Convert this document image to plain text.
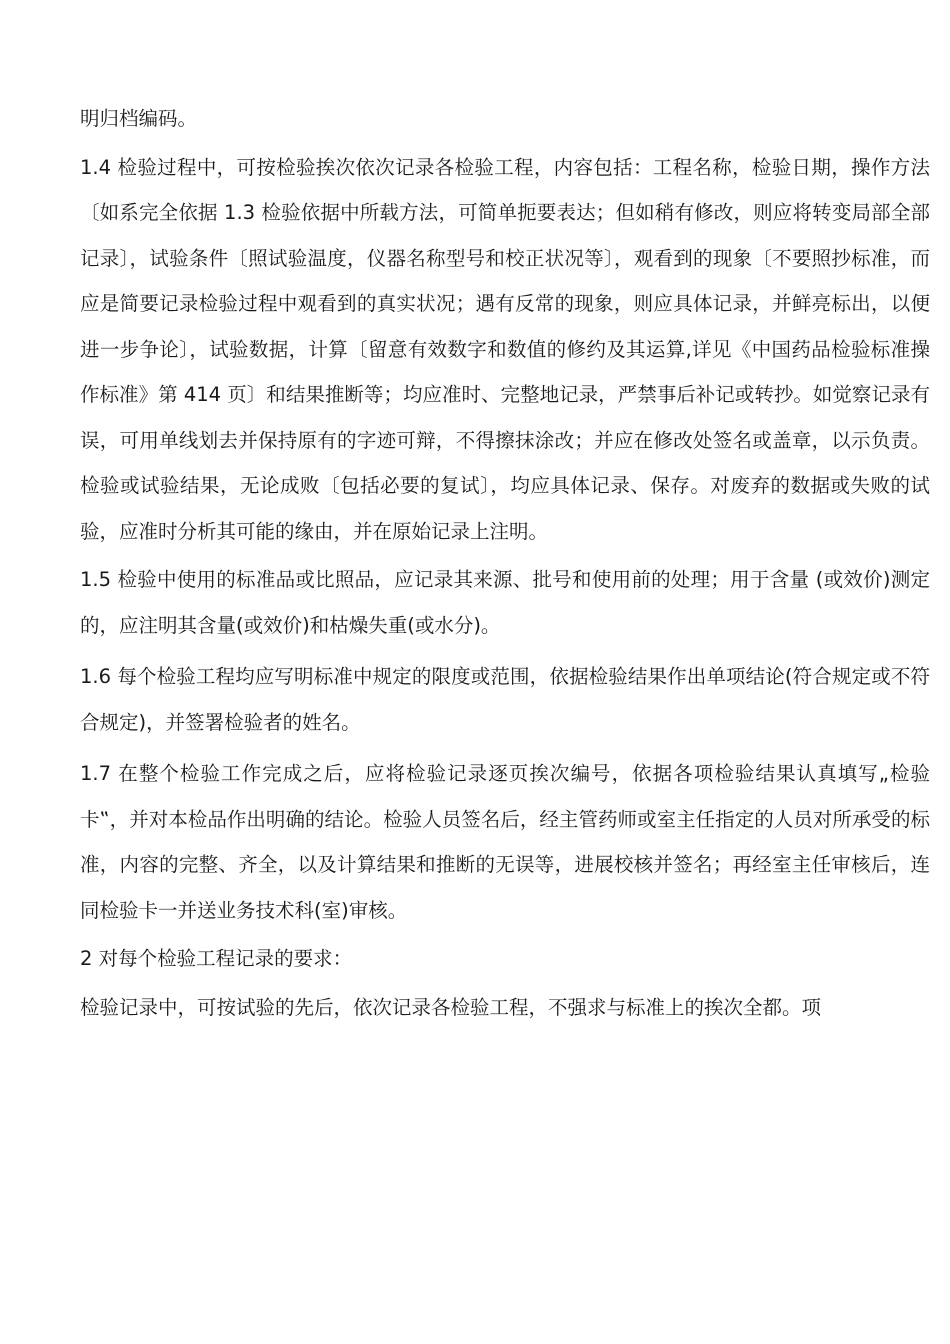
明归档编码。

1.4 检验过程中，可按检验挨次依次记录各检验工程，内容包括：工程名称，检验日期，操作方法〔如系完全依据 1.3 检验依据中所载方法，可简单扼要表达；但如稍有修改，则应将转变局部全部记录〕，试验条件〔照试验温度，仪器名称型号和校正状况等〕，观看到的现象〔不要照抄标准，而应是简要记录检验过程中观看到的真实状况；遇有反常的现象，则应具体记录，并鲜亮标出，以便进一步争论〕，试验数据，计算〔留意有效数字和数值的修约及其运算,详见《中国药品检验标准操作标准》第 414 页〕和结果推断等；均应准时、完整地记录，严禁事后补记或转抄。如觉察记录有误，可用单线划去并保持原有的字迹可辩，不得擦抹涂改；并应在修改处签名或盖章，以示负责。检验或试验结果，无论成败〔包括必要的复试〕，均应具体记录、保存。对废弃的数据或失败的试验，应准时分析其可能的缘由，并在原始记录上注明。

1.5 检验中使用的标准品或比照品，应记录其来源、批号和使用前的处理；用于含量 (或效价)测定的，应注明其含量(或效价)和枯燥失重(或水分)。

1.6 每个检验工程均应写明标准中规定的限度或范围，依据检验结果作出单项结论(符合规定或不符合规定)，并签署检验者的姓名。

1.7 在整个检验工作完成之后，应将检验记录逐页挨次编号，依据各项检验结果认真填写„检验卡‟，并对本检品作出明确的结论。检验人员签名后，经主管药师或室主任指定的人员对所承受的标准，内容的完整、齐全，以及计算结果和推断的无误等，进展校核并签名；再经室主任审核后，连同检验卡一并送业务技术科(室)审核。

2 对每个检验工程记录的要求：

检验记录中，可按试验的先后，依次记录各检验工程，不强求与标准上的挨次全都。项
